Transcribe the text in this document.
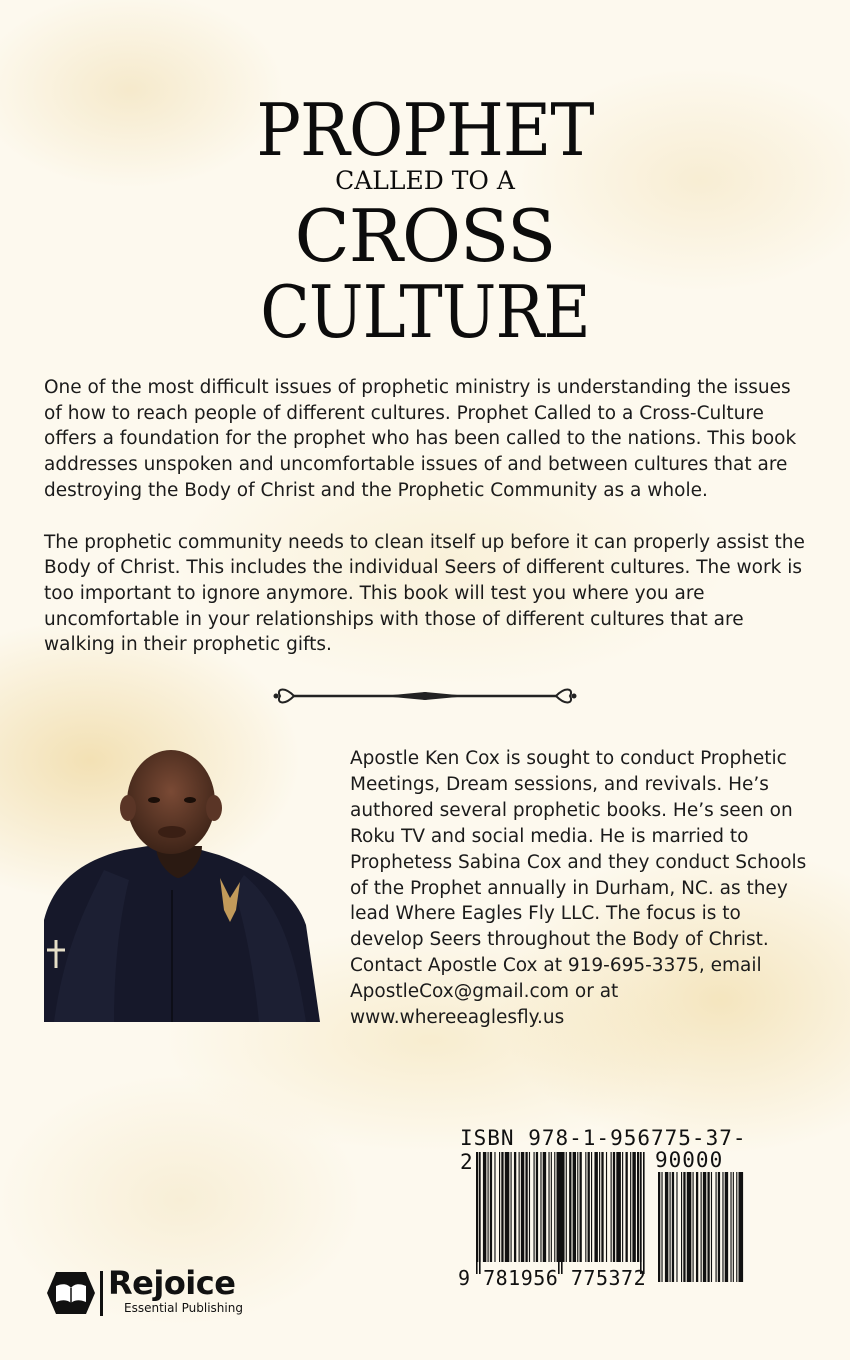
PROPHET
CALLED TO A
CROSS
CULTURE

One of the most difficult issues of prophetic ministry is understanding the issues of how to reach people of different cultures. Prophet Called to a Cross-Culture offers a foundation for the prophet who has been called to the nations. This book addresses unspoken and uncomfortable issues of and between cultures that are destroying the Body of Christ and the Prophetic Community as a whole.

The prophetic community needs to clean itself up before it can properly assist the Body of Christ. This includes the individual Seers of different cultures. The work is too important to ignore anymore. This book will test you where you are uncomfortable in your relationships with those of different cultures that are walking in their prophetic gifts.

Apostle Ken Cox is sought to conduct Prophetic Meetings, Dream sessions, and revivals. He’s authored several prophetic books. He’s seen on Roku TV and social media. He is married to Prophetess Sabina Cox and they conduct Schools of the Prophet annually in Durham, NC. as they lead Where Eagles Fly LLC. The focus is to develop Seers throughout the Body of Christ. Contact Apostle Cox at 919-695-3375, email ApostleCox@gmail.com or at www.whereeaglesfly.us
ISBN 978-1-956775-37-2	90000
9 781956 775372
Rejoice
Essential Publishing
